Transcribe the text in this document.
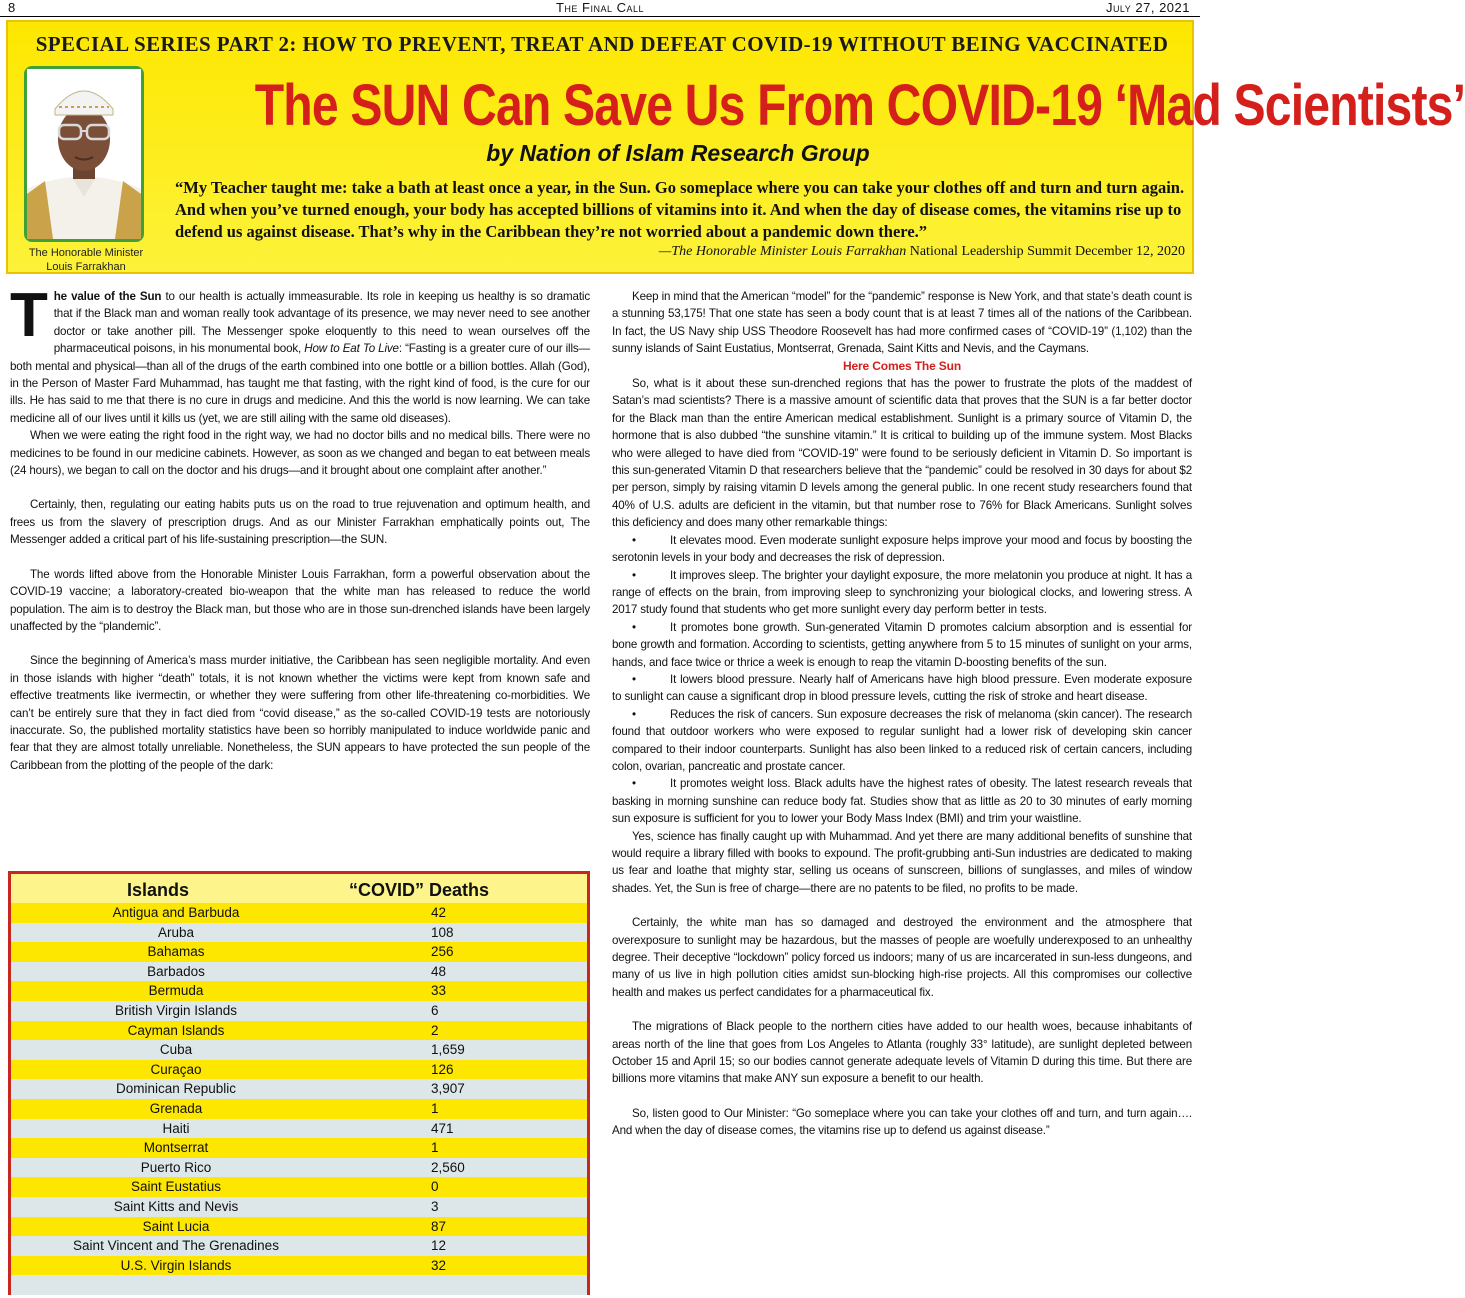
8	The Final Call	July 27, 2021
SPECIAL SERIES PART 2: HOW TO PREVENT, TREAT AND DEFEAT COVID-19 WITHOUT BEING VACCINATED
The Honorable Minister
Louis Farrakhan
The SUN Can Save Us From COVID-19 ‘Mad Scientists’
by Nation of Islam Research Group
“My Teacher taught me: take a bath at least once a year, in the Sun. Go someplace where you can take your clothes off and turn and turn again. And when you’ve turned enough, your body has accepted billions of vitamins into it. And when the day of disease comes, the vitamins rise up to defend us against disease. That’s why in the Caribbean they’re not worried about a pandemic down there.”
—The Honorable Minister Louis Farrakhan National Leadership Summit December 12, 2020

The value of the Sun to our health is actually immeasurable. Its role in keeping us healthy is so dramatic that if the Black man and woman really took advantage of its presence, we may never need to see another doctor or take another pill. The Messenger spoke eloquently to this need to wean ourselves off the pharmaceutical poisons, in his monumental book, How to Eat To Live: “Fasting is a greater cure of our ills—both mental and physical—than all of the drugs of the earth combined into one bottle or a billion bottles. Allah (God), in the Person of Master Fard Muhammad, has taught me that fasting, with the right kind of food, is the cure for our ills. He has said to me that there is no cure in drugs and medicine. And this the world is now learning. We can take medicine all of our lives until it kills us (yet, we are still ailing with the same old diseases).

When we were eating the right food in the right way, we had no doctor bills and no medical bills. There were no medicines to be found in our medicine cabinets. However, as soon as we changed and began to eat between meals (24 hours), we began to call on the doctor and his drugs—and it brought about one complaint after another.”

Certainly, then, regulating our eating habits puts us on the road to true rejuvenation and optimum health, and frees us from the slavery of prescription drugs. And as our Minister Farrakhan emphatically points out, The Messenger added a critical part of his life-sustaining prescription—the SUN.

The words lifted above from the Honorable Minister Louis Farrakhan, form a powerful observation about the COVID-19 vaccine; a laboratory-created bio-weapon that the white man has released to reduce the world population. The aim is to destroy the Black man, but those who are in those sun-drenched islands have been largely unaffected by the “plandemic”.

Since the beginning of America’s mass murder initiative, the Caribbean has seen negligible mortality. And even in those islands with higher “death” totals, it is not known whether the victims were kept from known safe and effective treatments like ivermectin, or whether they were suffering from other life-threatening co-morbidities. We can’t be entirely sure that they in fact died from “covid disease,” as the so-called COVID-19 tests are notoriously inaccurate. So, the published mortality statistics have been so horribly manipulated to induce worldwide panic and fear that they are almost totally unreliable. Nonetheless, the SUN appears to have protected the sun people of the Caribbean from the plotting of the people of the dark:

Islands	“COVID” Deaths
Antigua and Barbuda	42
Aruba	108
Bahamas	256
Barbados	48
Bermuda	33
British Virgin Islands	6
Cayman Islands	2
Cuba	1,659
Curaçao	126
Dominican Republic	3,907
Grenada	1
Haiti	471
Montserrat	1
Puerto Rico	2,560
Saint Eustatius	0
Saint Kitts and Nevis	3
Saint Lucia	87
Saint Vincent and The Grenadines	12
U.S. Virgin Islands	32

Keep in mind that the American “model” for the “pandemic” response is New York, and that state’s death count is a stunning 53,175! That one state has seen a body count that is at least 7 times all of the nations of the Caribbean. In fact, the US Navy ship USS Theodore Roosevelt has had more confirmed cases of “COVID-19” (1,102) than the sunny islands of Saint Eustatius, Montserrat, Grenada, Saint Kitts and Nevis, and the Caymans.

Here Comes The Sun

So, what is it about these sun-drenched regions that has the power to frustrate the plots of the maddest of Satan’s mad scientists? There is a massive amount of scientific data that proves that the SUN is a far better doctor for the Black man than the entire American medical establishment. Sunlight is a primary source of Vitamin D, the hormone that is also dubbed “the sunshine vitamin.” It is critical to building up of the immune system. Most Blacks who were alleged to have died from “COVID-19” were found to be seriously deficient in Vitamin D. So important is this sun-generated Vitamin D that researchers believe that the “pandemic” could be resolved in 30 days for about $2 per person, simply by raising vitamin D levels among the general public. In one recent study researchers found that 40% of U.S. adults are deficient in the vitamin, but that number rose to 76% for Black Americans. Sunlight solves this deficiency and does many other remarkable things:

•	It elevates mood. Even moderate sunlight exposure helps improve your mood and focus by boosting the serotonin levels in your body and decreases the risk of depression.

•	It improves sleep. The brighter your daylight exposure, the more melatonin you produce at night. It has a range of effects on the brain, from improving sleep to synchronizing your biological clocks, and lowering stress. A 2017 study found that students who get more sunlight every day perform better in tests.

•	It promotes bone growth. Sun-generated Vitamin D promotes calcium absorption and is essential for bone growth and formation. According to scientists, getting anywhere from 5 to 15 minutes of sunlight on your arms, hands, and face twice or thrice a week is enough to reap the vitamin D-boosting benefits of the sun.

•	It lowers blood pressure. Nearly half of Americans have high blood pressure. Even moderate exposure to sunlight can cause a significant drop in blood pressure levels, cutting the risk of stroke and heart disease.

•	Reduces the risk of cancers. Sun exposure decreases the risk of melanoma (skin cancer). The research found that outdoor workers who were exposed to regular sunlight had a lower risk of developing skin cancer compared to their indoor counterparts. Sunlight has also been linked to a reduced risk of certain cancers, including colon, ovarian, pancreatic and prostate cancer.

•	It promotes weight loss. Black adults have the highest rates of obesity. The latest research reveals that basking in morning sunshine can reduce body fat. Studies show that as little as 20 to 30 minutes of early morning sun exposure is sufficient for you to lower your Body Mass Index (BMI) and trim your waistline.

Yes, science has finally caught up with Muhammad. And yet there are many additional benefits of sunshine that would require a library filled with books to expound. The profit-grubbing anti-Sun industries are dedicated to making us fear and loathe that mighty star, selling us oceans of sunscreen, billions of sunglasses, and miles of window shades. Yet, the Sun is free of charge—there are no patents to be filed, no profits to be made.

Certainly, the white man has so damaged and destroyed the environment and the atmosphere that overexposure to sunlight may be hazardous, but the masses of people are woefully underexposed to an unhealthy degree. Their deceptive “lockdown” policy forced us indoors; many of us are incarcerated in sun-less dungeons, and many of us live in high pollution cities amidst sun-blocking high-rise projects. All this compromises our collective health and makes us perfect candidates for a pharmaceutical fix.

The migrations of Black people to the northern cities have added to our health woes, because inhabitants of areas north of the line that goes from Los Angeles to Atlanta (roughly 33° latitude), are sunlight depleted between October 15 and April 15; so our bodies cannot generate adequate levels of Vitamin D during this time. But there are billions more vitamins that make ANY sun exposure a benefit to our health.

So, listen good to Our Minister: “Go someplace where you can take your clothes off and turn, and turn again…. And when the day of disease comes, the vitamins rise up to defend us against disease.”
